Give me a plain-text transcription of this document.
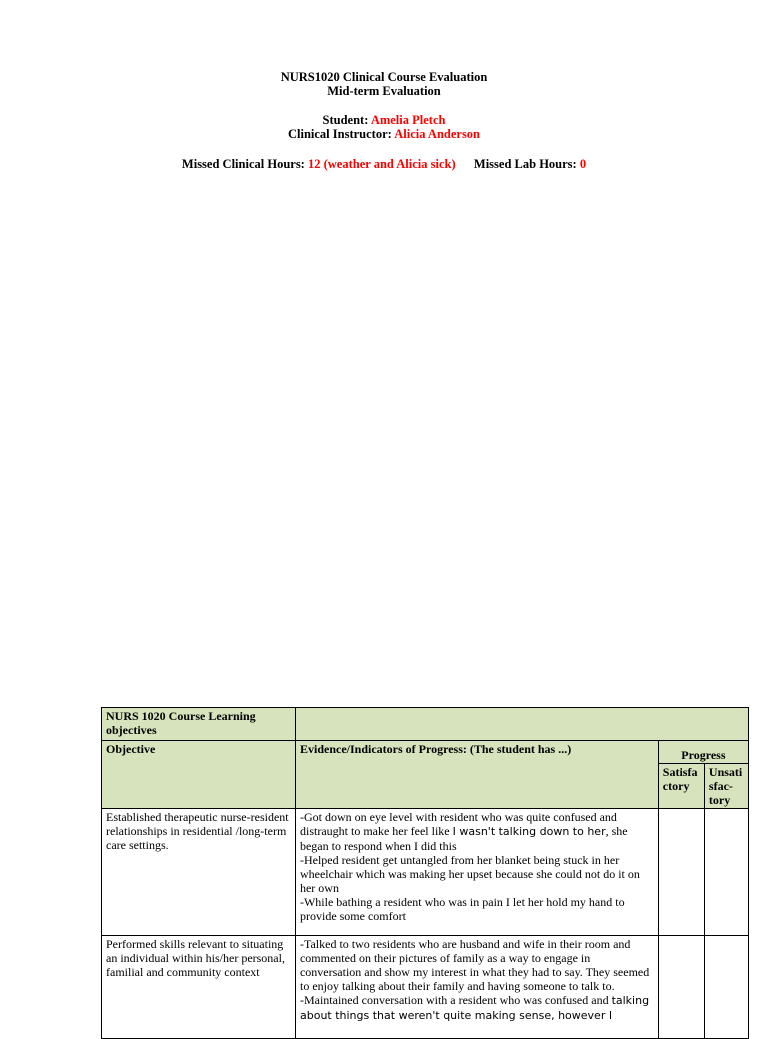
NURS1020 Clinical Course Evaluation
Mid-term Evaluation
Student: Amelia Pletch
Clinical Instructor: Alicia Anderson
Missed Clinical Hours: 12 (weather and Alicia sick) Missed Lab Hours: 0
NURS 1020 Course Learning objectives			
Objective	Evidence/Indicators of Progress: (The student has ...)	Progress	
		Satisfa ctory	Unsati sfac- tory
Established therapeutic nurse-resident relationships in residential /long-term care settings.	-Got down on eye level with resident who was quite confused and distraught to make her feel like I wasn't talking down to her, she began to respond when I did this
-Helped resident get untangled from her blanket being stuck in her wheelchair which was making her upset because she could not do it on her own
-While bathing a resident who was in pain I let her hold my hand to provide some comfort		

Performed skills relevant to situating an individual within his/her personal, familial and community context	-Talked to two residents who are husband and wife in their room and commented on their pictures of family as a way to engage in conversation and show my interest in what they had to say. They seemed to enjoy talking about their family and having someone to talk to.
-Maintained conversation with a resident who was confused and talking about things that weren't quite making sense, however I		
